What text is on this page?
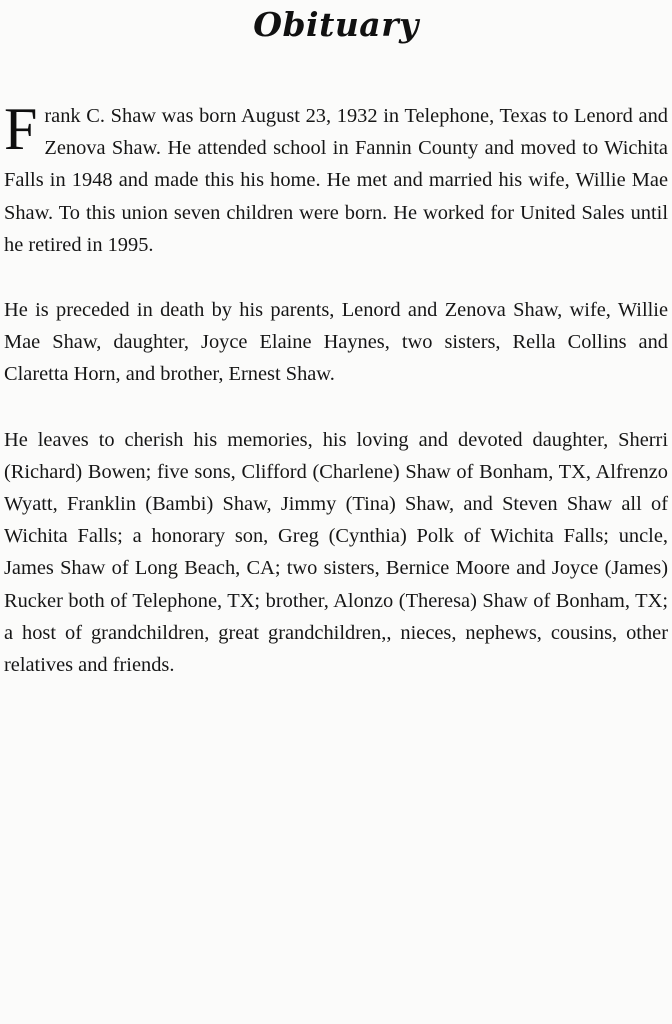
Obituary

Frank C. Shaw was born August 23, 1932 in Telephone, Texas to Lenord and Zenova Shaw. He attended school in Fannin County and moved to Wichita Falls in 1948 and made this his home. He met and married his wife, Willie Mae Shaw. To this union seven children were born. He worked for United Sales until he retired in 1995.

He is preceded in death by his parents, Lenord and Zenova Shaw, wife, Willie Mae Shaw, daughter, Joyce Elaine Haynes, two sisters, Rella Collins and Claretta Horn, and brother, Ernest Shaw.

He leaves to cherish his memories, his loving and devoted daughter, Sherri (Richard) Bowen; five sons, Clifford (Charlene) Shaw of Bonham, TX, Alfrenzo Wyatt, Franklin (Bambi) Shaw, Jimmy (Tina) Shaw, and Steven Shaw all of Wichita Falls; a honorary son, Greg (Cynthia) Polk of Wichita Falls; uncle, James Shaw of Long Beach, CA; two sisters, Bernice Moore and Joyce (James) Rucker both of Telephone, TX; brother, Alonzo (Theresa) Shaw of Bonham, TX; a host of grandchildren, great grandchildren,, nieces, nephews, cousins, other relatives and friends.
